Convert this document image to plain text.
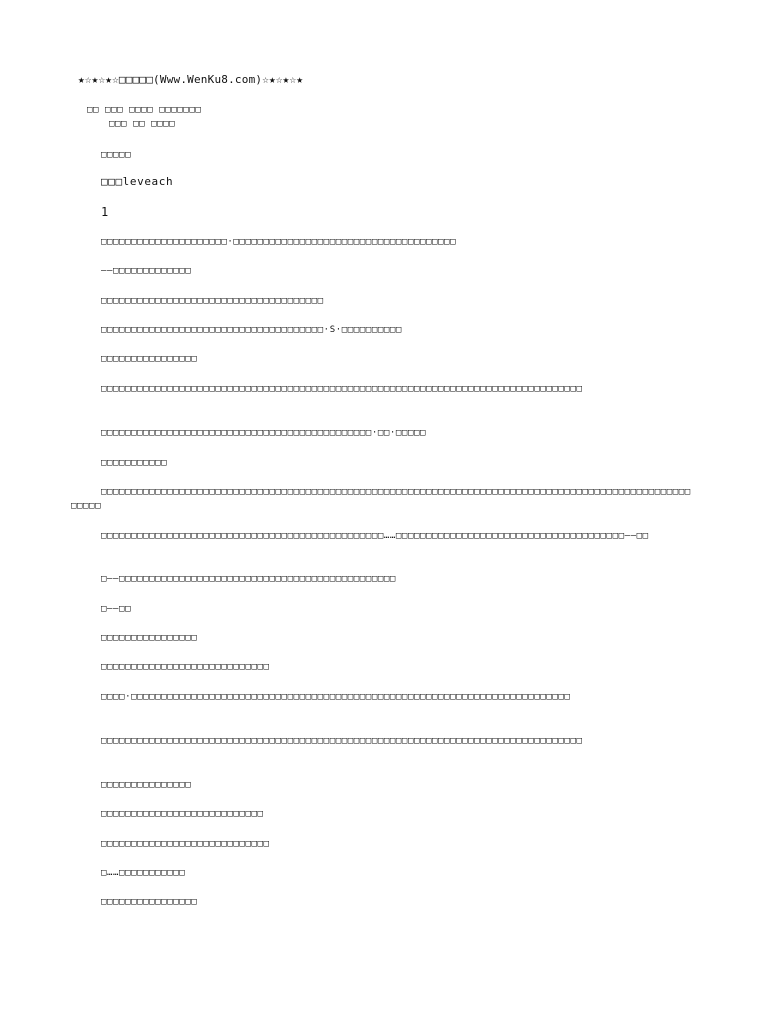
★☆★☆★☆□□□□□(Www.WenKu8.com)☆★☆★☆★
□□ □□□ □□□□ □□□□□□□
□□□ □□ □□□□
□□□□□
□□□leveach
1
□□□□□□□□□□□□□□□□□□□□□·□□□□□□□□□□□□□□□□□□□□□□□□□□□□□□□□□□□□□
——□□□□□□□□□□□□□
□□□□□□□□□□□□□□□□□□□□□□□□□□□□□□□□□□□□□
□□□□□□□□□□□□□□□□□□□□□□□□□□□□□□□□□□□□□·S·□□□□□□□□□□
□□□□□□□□□□□□□□□□
□□□□□□□□□□□□□□□□□□□□□□□□□□□□□□□□□□□□□□□□□□□□□□□□□□□□□□□□□□□□□□□□□□□□□□□□□□□□□□□□
□□□□□□□□□□□□□□□□□□□□□□□□□□□□□□□□□□□□□□□□□□□□□·□□·□□□□□
□□□□□□□□□□□
□□□□□□□□□□□□□□□□□□□□□□□□□□□□□□□□□□□□□□□□□□□□□□□□□□□□□□□□□□□□□□□□□□□□□□□□□□□□□□□□□□□□□□□□□□□□□□□□□□□□□□□
□□□□□□□□□□□□□□□□□□□□□□□□□□□□□□□□□□□□□□□□□□□□□□□……□□□□□□□□□□□□□□□□□□□□□□□□□□□□□□□□□□□□□□——□□
□——□□□□□□□□□□□□□□□□□□□□□□□□□□□□□□□□□□□□□□□□□□□□□□
□——□□
□□□□□□□□□□□□□□□□
□□□□□□□□□□□□□□□□□□□□□□□□□□□□
□□□□·□□□□□□□□□□□□□□□□□□□□□□□□□□□□□□□□□□□□□□□□□□□□□□□□□□□□□□□□□□□□□□□□□□□□□□□□□
□□□□□□□□□□□□□□□□□□□□□□□□□□□□□□□□□□□□□□□□□□□□□□□□□□□□□□□□□□□□□□□□□□□□□□□□□□□□□□□□
□□□□□□□□□□□□□□□
□□□□□□□□□□□□□□□□□□□□□□□□□□□
□□□□□□□□□□□□□□□□□□□□□□□□□□□□
□……□□□□□□□□□□□
□□□□□□□□□□□□□□□□
